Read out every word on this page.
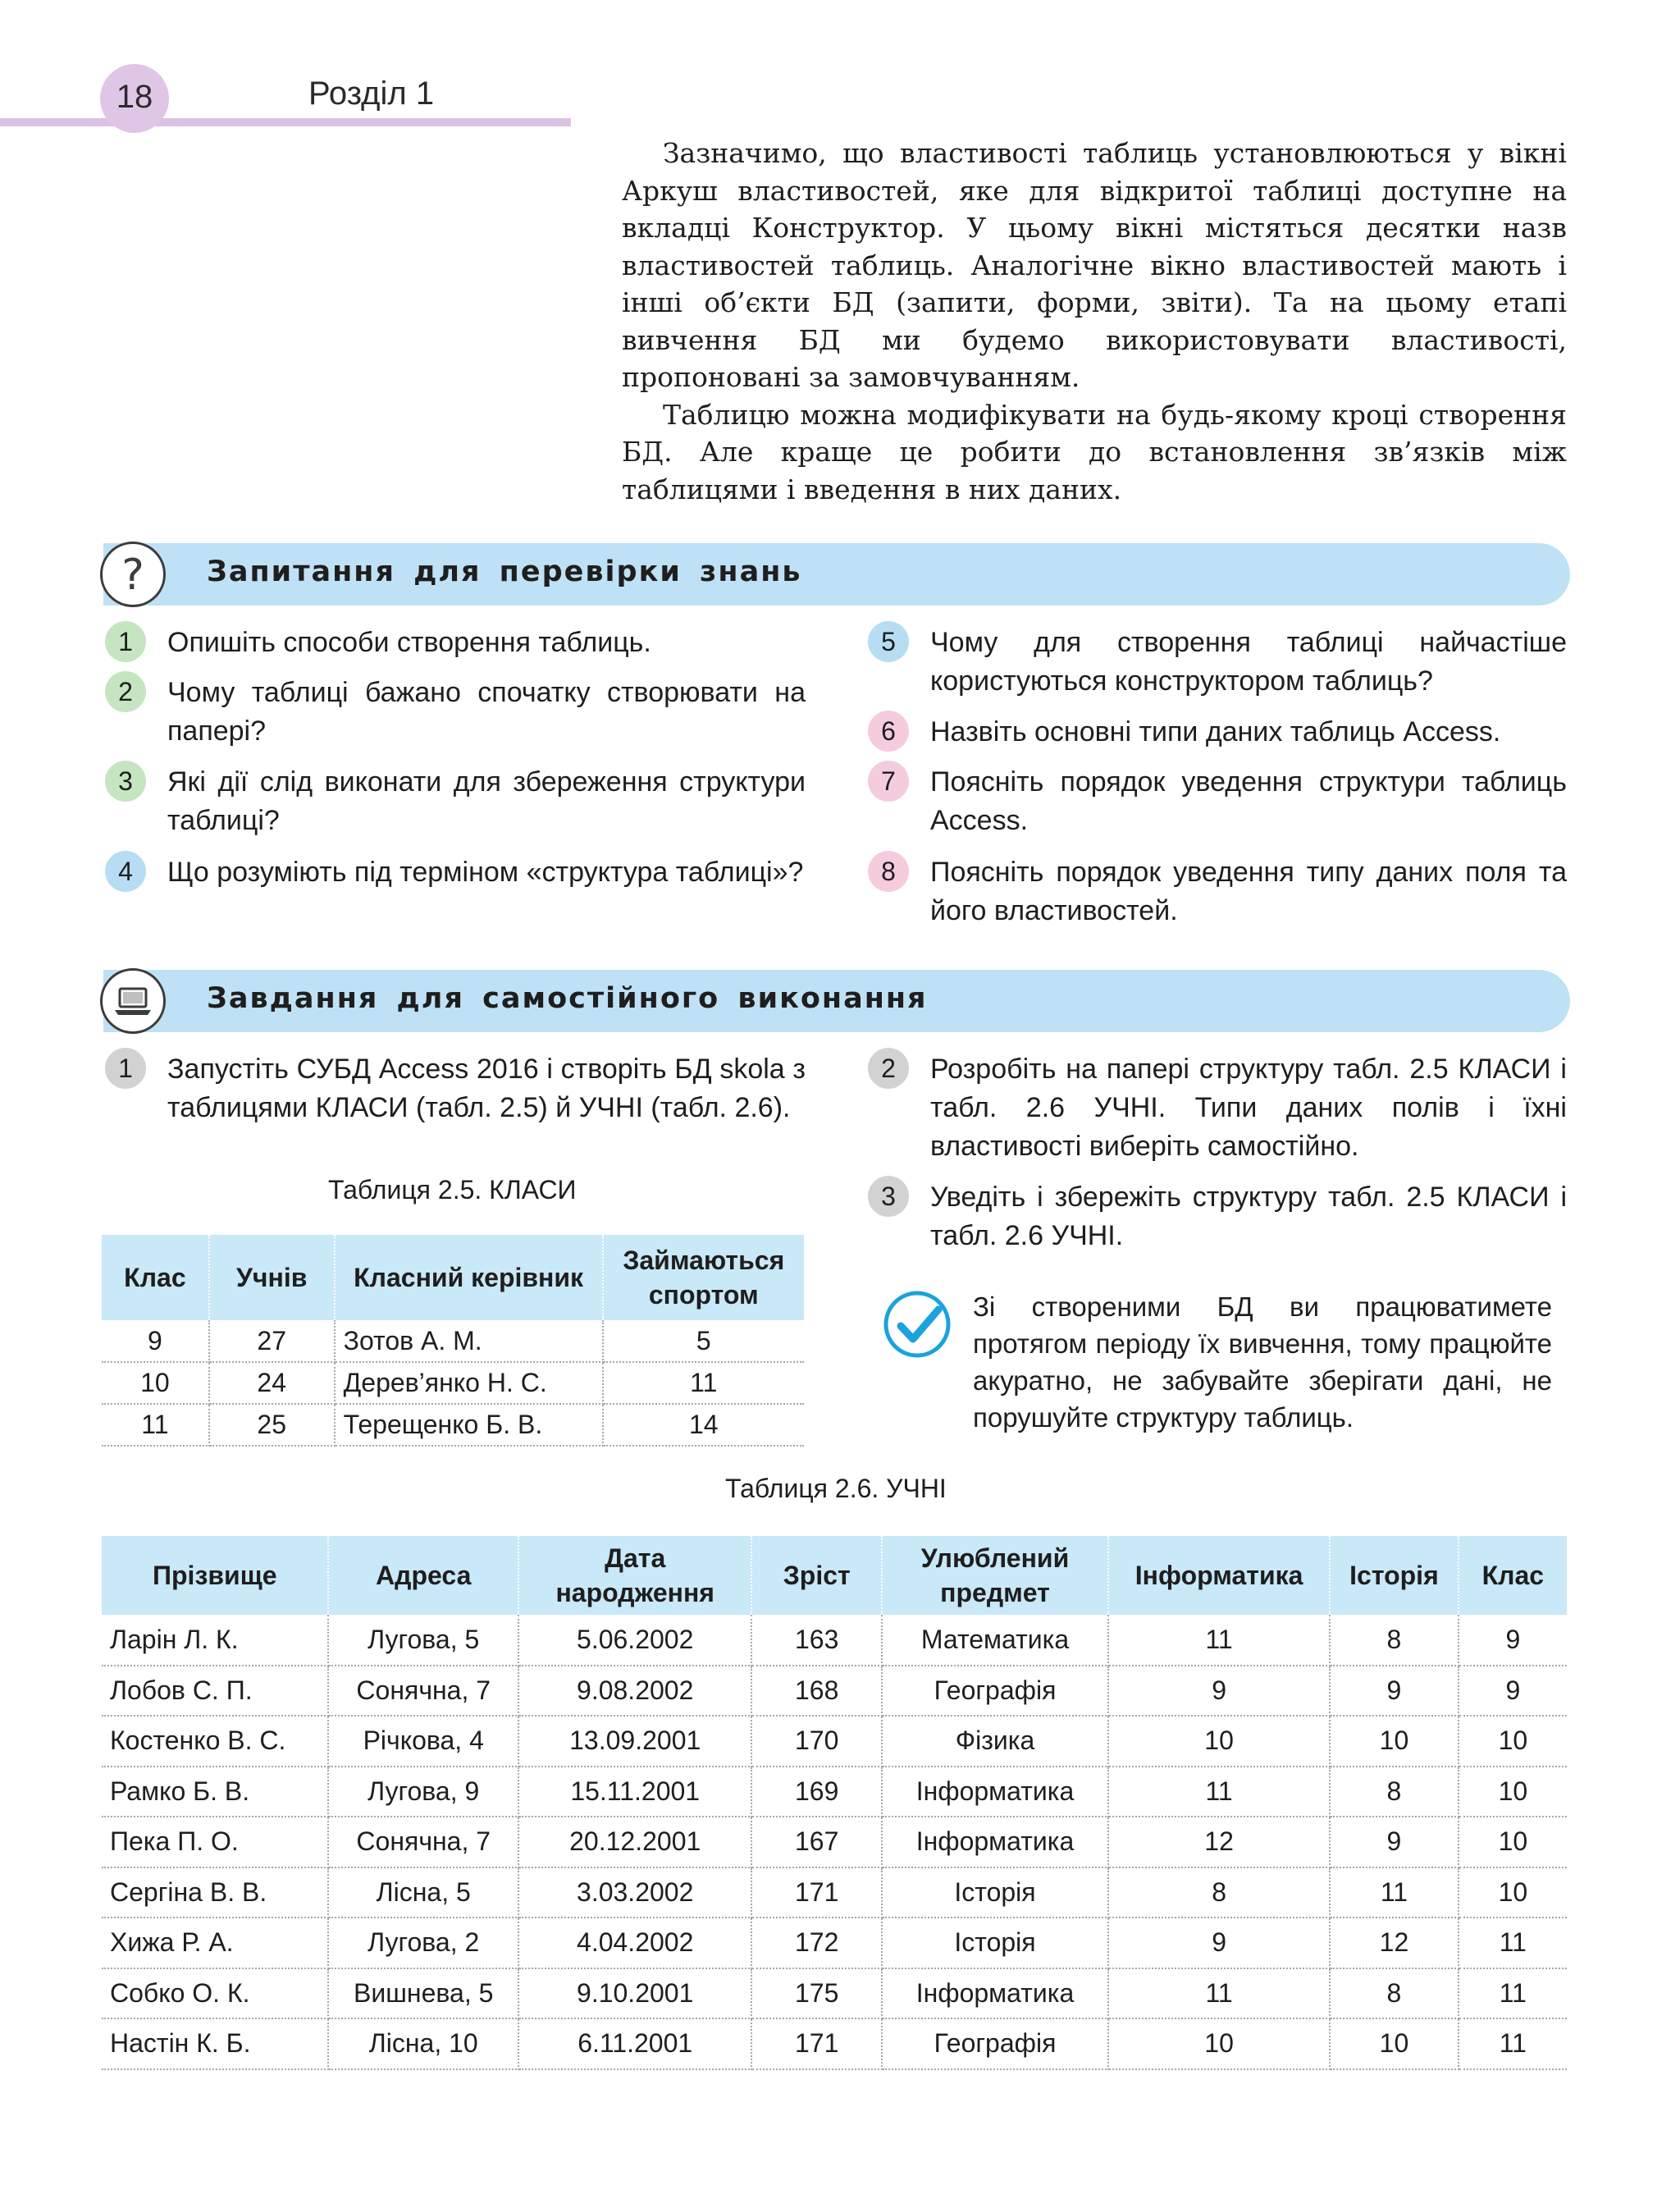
18	Розділ 1

Зазначимо, що властивості таблиць установлюються у вікні Аркуш властивостей, яке для відкритої таблиці доступне на вкладці Конструктор. У цьому вікні містяться десятки назв властивостей таблиць. Аналогічне вікно властивостей мають і інші об’єкти БД (запити, форми, звіти). Та на цьому етапі вивчення БД ми будемо використовувати властивості, пропоновані за замовчуванням.

Таблицю можна модифікувати на будь-якому кроці створення БД. Але краще це робити до встановлення зв’язків між таблицями і введення в них даних.

? Запитання для перевірки знань
1	Опишіть способи створення таблиць.
2	Чому таблиці бажано спочатку створювати на папері?
3	Які дії слід виконати для збереження структури таблиці?
4	Що розуміють під терміном «структура таблиці»?
5	Чому для створення таблиці найчастіше користуються конструктором таблиць?
6	Назвіть основні типи даних таблиць Access.
7	Поясніть порядок уведення структури таблиць Access.
8	Поясніть порядок уведення типу даних поля та його властивостей.
Завдання для самостійного виконання
1	Запустіть СУБД Access 2016 і створіть БД skola з таблицями КЛАСИ (табл. 2.5) й УЧНІ (табл. 2.6).
Таблиця 2.5. КЛАСИ
Клас	Учнів	Класний керівник	Займаються спортом
9	27	Зотов А. М.	5
10	24	Дерев’янко Н. С.	11
11	25	Терещенко Б. В.	14
2	Розробіть на папері структуру табл. 2.5 КЛАСИ і табл. 2.6 УЧНІ. Типи даних полів і їхні властивості виберіть самостійно.
3	Уведіть і збережіть структуру табл. 2.5 КЛАСИ і табл. 2.6 УЧНІ.
Зі створеними БД ви працюватимете протягом періоду їх вивчення, тому працюйте акуратно, не забувайте зберігати дані, не порушуйте структуру таблиць.
Таблиця 2.6. УЧНІ
Прізвище	Адреса	Дата народження	Зріст	Улюблений предмет	Інформатика	Історія	Клас
Ларін Л. К.	Лугова, 5	5.06.2002	163	Математика	11	8	9
Лобов С. П.	Сонячна, 7	9.08.2002	168	Географія	9	9	9
Костенко В. С.	Річкова, 4	13.09.2001	170	Фізика	10	10	10
Рамко Б. В.	Лугова, 9	15.11.2001	169	Інформатика	11	8	10
Пека П. О.	Сонячна, 7	20.12.2001	167	Інформатика	12	9	10
Сергіна В. В.	Лісна, 5	3.03.2002	171	Історія	8	11	10
Хижа Р. А.	Лугова, 2	4.04.2002	172	Історія	9	12	11
Собко О. К.	Вишнева, 5	9.10.2001	175	Інформатика	11	8	11
Настін К. Б.	Лісна, 10	6.11.2001	171	Географія	10	10	11
